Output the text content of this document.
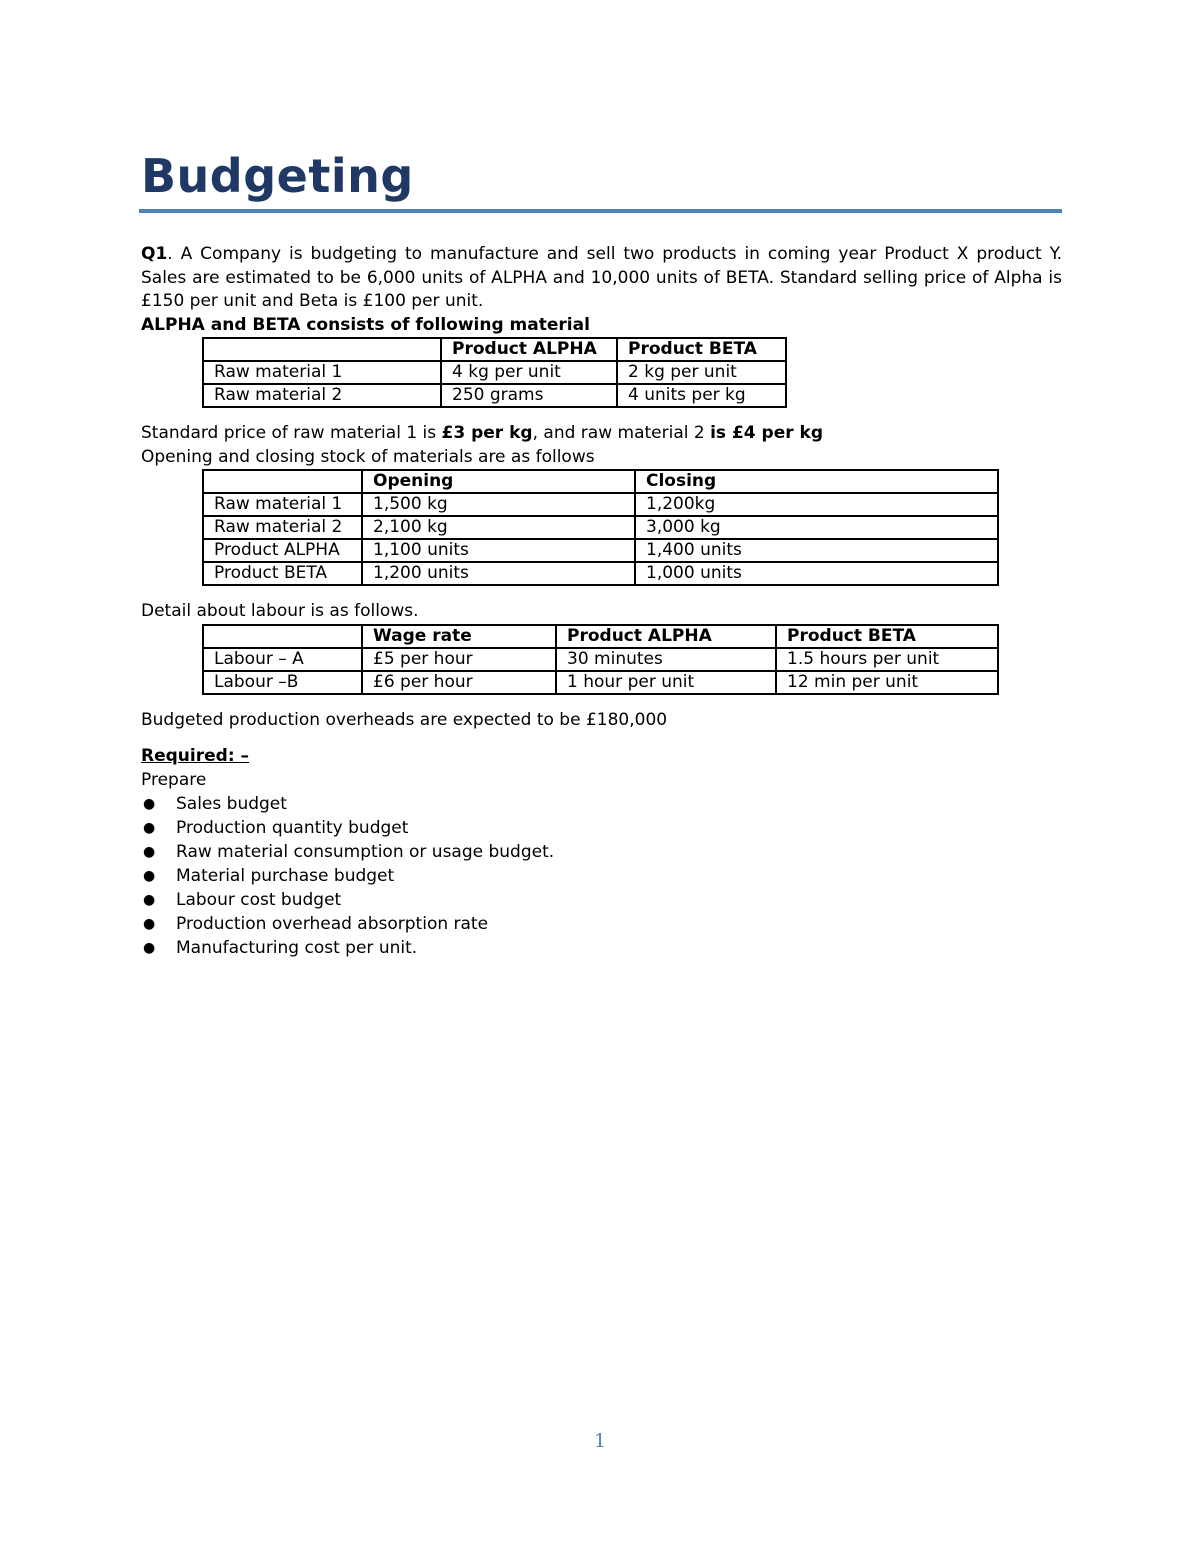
Budgeting

Q1. A Company is budgeting to manufacture and sell two products in coming year Product X product Y. Sales are estimated to be 6,000 units of ALPHA and 10,000 units of BETA. Standard selling price of Alpha is £150 per unit and Beta is £100 per unit.

ALPHA and BETA consists of following material

	Product ALPHA	Product BETA
Raw material 1	4 kg per unit	2 kg per unit
Raw material 2	250 grams	4 units per kg

Standard price of raw material 1 is £3 per kg, and raw material 2 is £4 per kg

Opening and closing stock of materials are as follows

	Opening	Closing
Raw material 1	1,500 kg	1,200kg
Raw material 2	2,100 kg	3,000 kg
Product ALPHA	1,100 units	1,400 units
Product BETA	1,200 units	1,000 units

Detail about labour is as follows.

	Wage rate	Product ALPHA	Product BETA
Labour – A	£5 per hour	30 minutes	1.5 hours per unit
Labour –B	£6 per hour	1 hour per unit	12 min per unit

Budgeted production overheads are expected to be £180,000

Required: –

Prepare

● Sales budget
● Production quantity budget
● Raw material consumption or usage budget.
● Material purchase budget
● Labour cost budget
● Production overhead absorption rate
● Manufacturing cost per unit.
1
